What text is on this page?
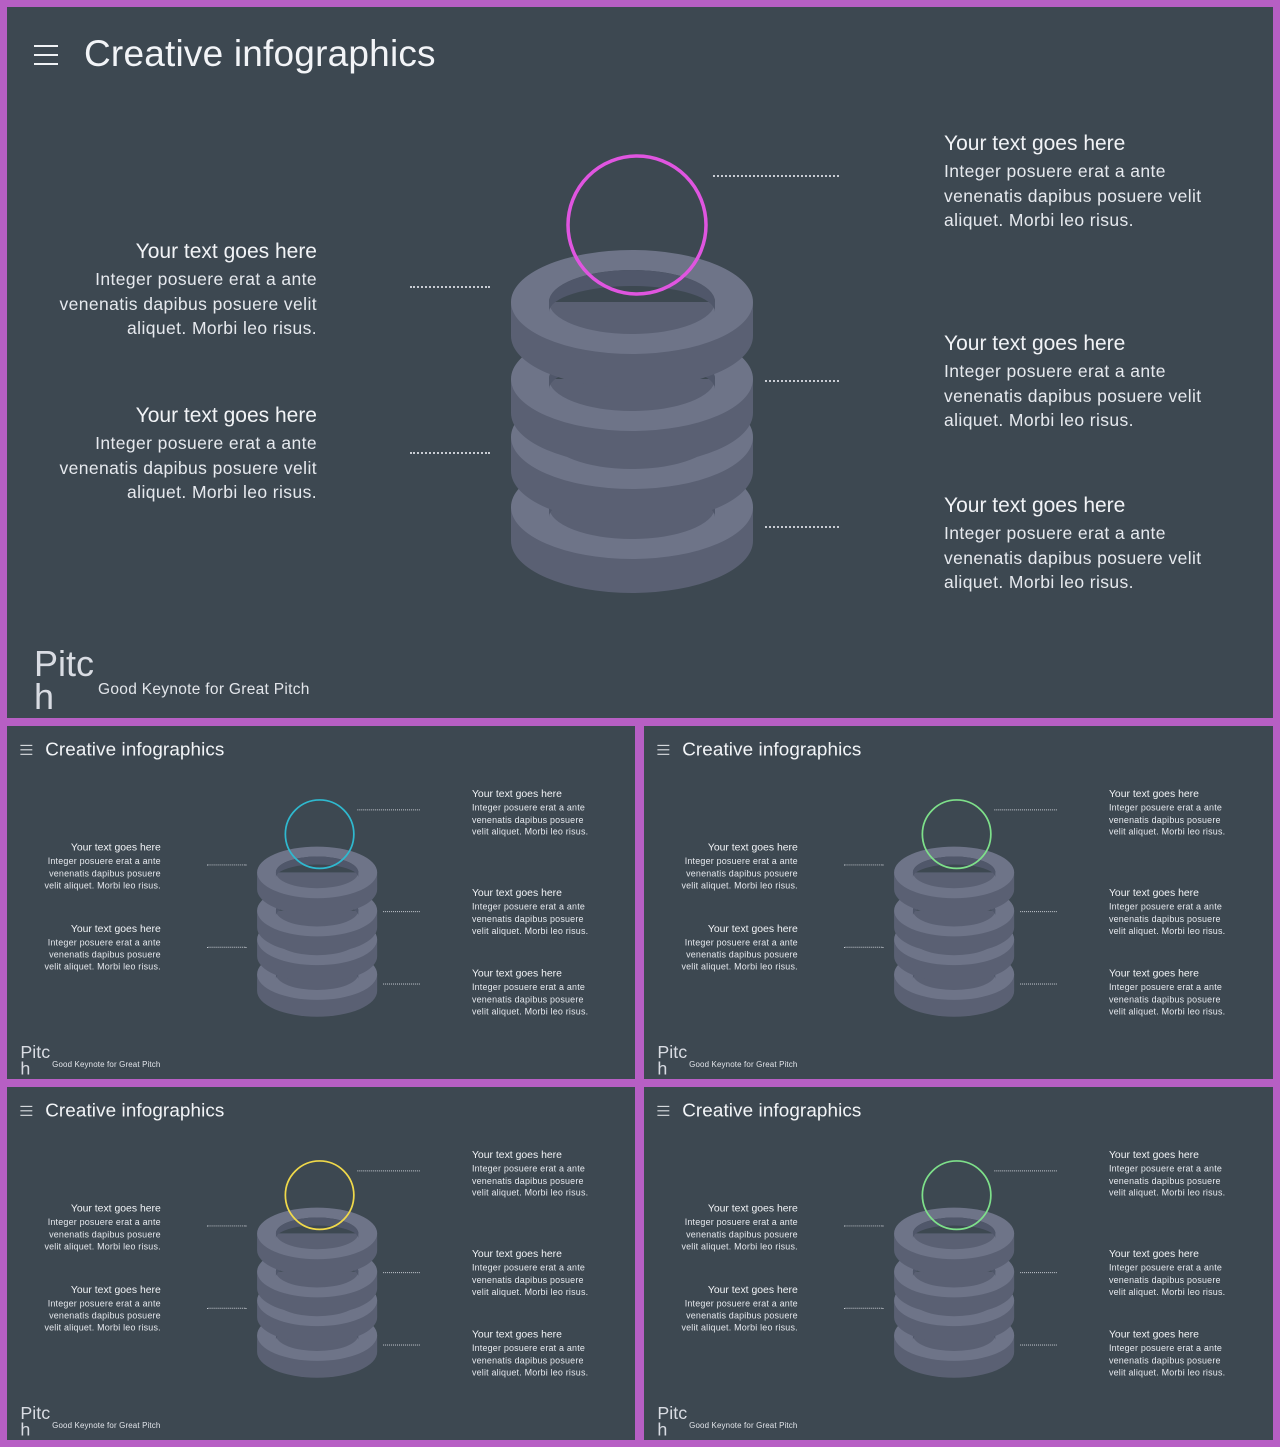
Creative infographics
Your text goes here
Integer posuere erat a ante venenatis dapibus posuere velit aliquet. Morbi leo risus.
Your text goes here
Integer posuere erat a ante venenatis dapibus posuere velit aliquet. Morbi leo risus.
Your text goes here
Integer posuere erat a ante venenatis dapibus posuere velit aliquet. Morbi leo risus.
Your text goes here
Integer posuere erat a ante venenatis dapibus posuere velit aliquet. Morbi leo risus.
Your text goes here
Integer posuere erat a ante venenatis dapibus posuere velit aliquet. Morbi leo risus.
Pitc
h	Good Keynote for Great Pitch
Creative infographics
Your text goes here
Integer posuere erat a ante venenatis dapibus posuere velit aliquet. Morbi leo risus.
Your text goes here
Integer posuere erat a ante venenatis dapibus posuere velit aliquet. Morbi leo risus.
Your text goes here
Integer posuere erat a ante venenatis dapibus posuere velit aliquet. Morbi leo risus.
Your text goes here
Integer posuere erat a ante venenatis dapibus posuere velit aliquet. Morbi leo risus.
Your text goes here
Integer posuere erat a ante venenatis dapibus posuere velit aliquet. Morbi leo risus.
Pitc
h	Good Keynote for Great Pitch
Creative infographics
Your text goes here
Integer posuere erat a ante venenatis dapibus posuere velit aliquet. Morbi leo risus.
Your text goes here
Integer posuere erat a ante venenatis dapibus posuere velit aliquet. Morbi leo risus.
Your text goes here
Integer posuere erat a ante venenatis dapibus posuere velit aliquet. Morbi leo risus.
Your text goes here
Integer posuere erat a ante venenatis dapibus posuere velit aliquet. Morbi leo risus.
Your text goes here
Integer posuere erat a ante venenatis dapibus posuere velit aliquet. Morbi leo risus.
Pitc
h	Good Keynote for Great Pitch
Creative infographics
Your text goes here
Integer posuere erat a ante venenatis dapibus posuere velit aliquet. Morbi leo risus.
Your text goes here
Integer posuere erat a ante venenatis dapibus posuere velit aliquet. Morbi leo risus.
Your text goes here
Integer posuere erat a ante venenatis dapibus posuere velit aliquet. Morbi leo risus.
Your text goes here
Integer posuere erat a ante venenatis dapibus posuere velit aliquet. Morbi leo risus.
Your text goes here
Integer posuere erat a ante venenatis dapibus posuere velit aliquet. Morbi leo risus.
Pitc
h	Good Keynote for Great Pitch
Creative infographics
Your text goes here
Integer posuere erat a ante venenatis dapibus posuere velit aliquet. Morbi leo risus.
Your text goes here
Integer posuere erat a ante venenatis dapibus posuere velit aliquet. Morbi leo risus.
Your text goes here
Integer posuere erat a ante venenatis dapibus posuere velit aliquet. Morbi leo risus.
Your text goes here
Integer posuere erat a ante venenatis dapibus posuere velit aliquet. Morbi leo risus.
Your text goes here
Integer posuere erat a ante venenatis dapibus posuere velit aliquet. Morbi leo risus.
Pitc
h	Good Keynote for Great Pitch
